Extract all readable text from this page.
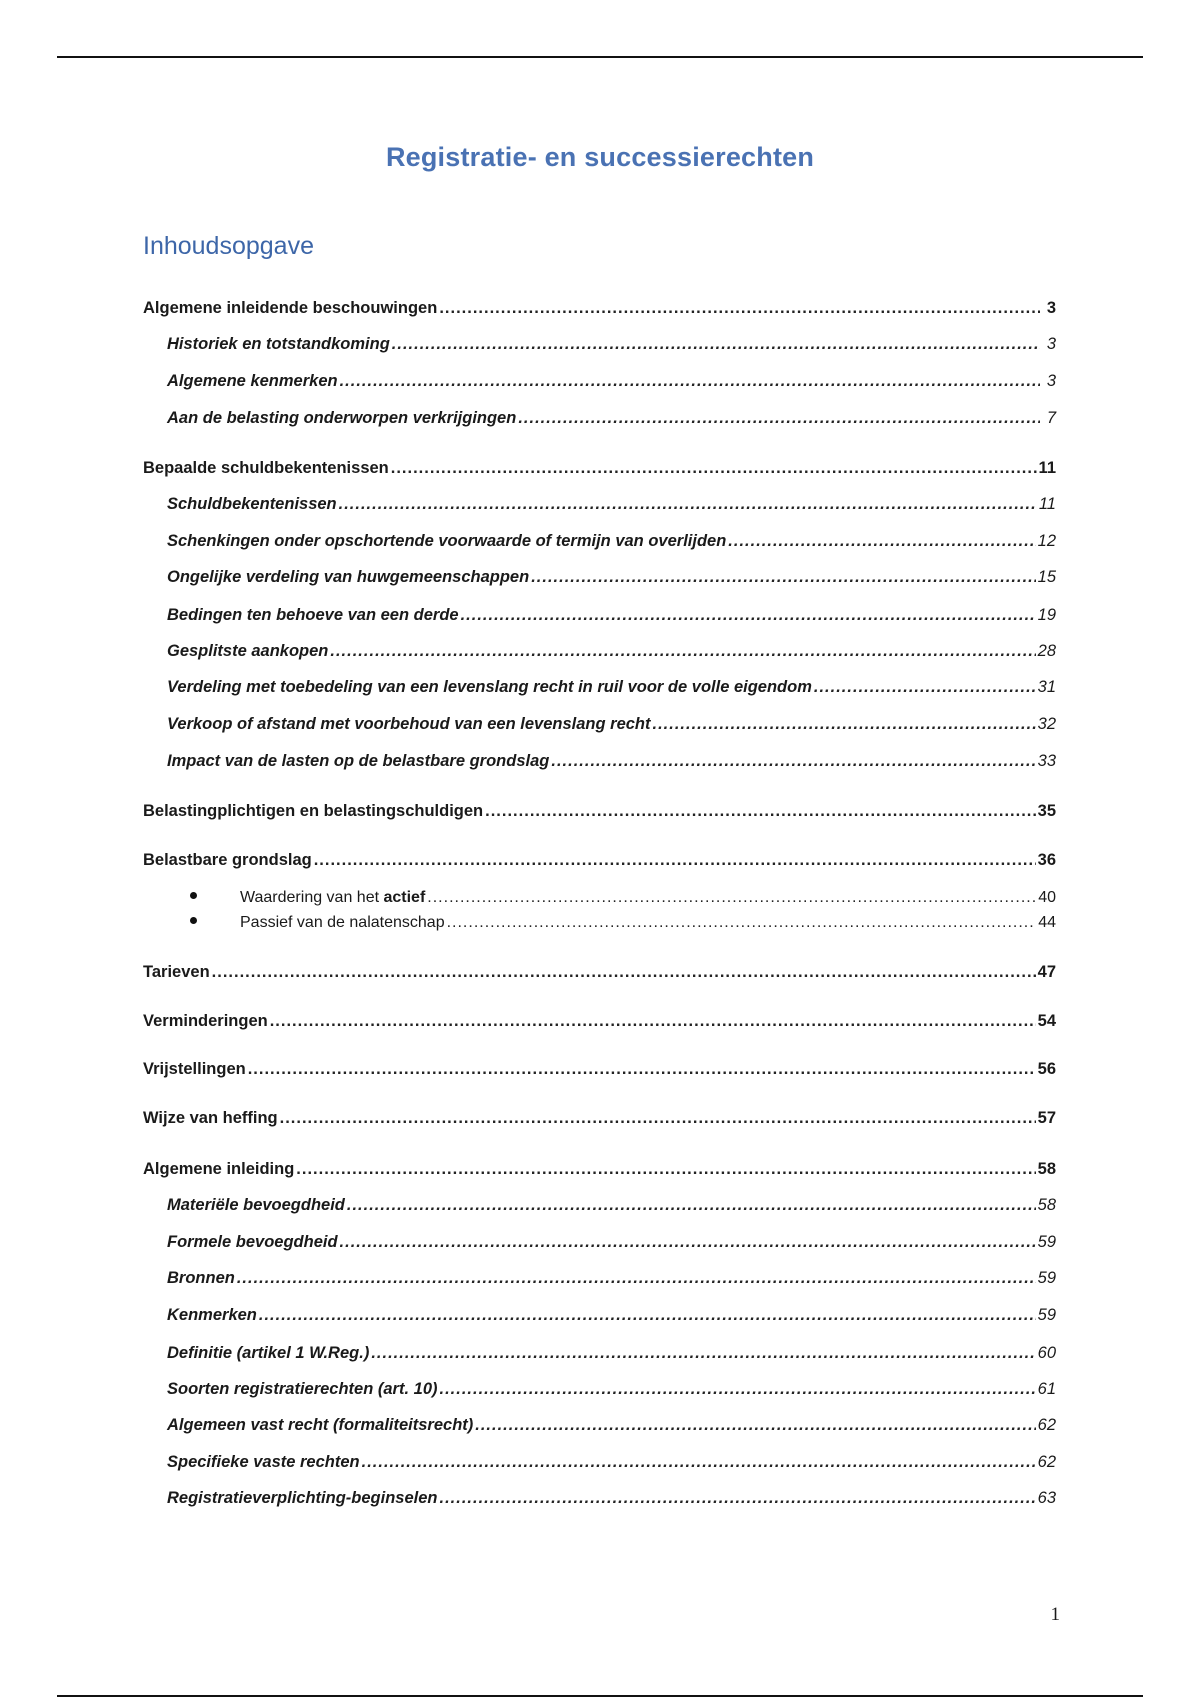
Registratie- en successierechten
Inhoudsopgave
Algemene inleidende beschouwingen .....	3
Historiek en totstandkoming .....	3
Algemene kenmerken .....	3
Aan de belasting onderworpen verkrijgingen .....	7
Bepaalde schuldbekentenissen .....	11
Schuldbekentenissen .....	11
Schenkingen onder opschortende voorwaarde of termijn van overlijden .....	12
Ongelijke verdeling van huwgemeenschappen .....	15
Bedingen ten behoeve van een derde .....	19
Gesplitste aankopen .....	28
Verdeling met toebedeling van een levenslang recht in ruil voor de volle eigendom .....	31
Verkoop of afstand met voorbehoud van een levenslang recht .....	32
Impact van de lasten op de belastbare grondslag .....	33
Belastingplichtigen en belastingschuldigen .....	35
Belastbare grondslag .....	36
Waardering van het actief .....	40
Passief van de nalatenschap .....	44
Tarieven .....	47
Verminderingen .....	54
Vrijstellingen .....	56
Wijze van heffing .....	57
Algemene inleiding .....	58
Materiële bevoegdheid .....	58
Formele bevoegdheid .....	59
Bronnen .....	59
Kenmerken .....	59
Definitie (artikel 1 W.Reg.) .....	60
Soorten registratierechten (art. 10) .....	61
Algemeen vast recht (formaliteitsrecht) .....	62
Specifieke vaste rechten .....	62
Registratieverplichting-beginselen .....	63
1
